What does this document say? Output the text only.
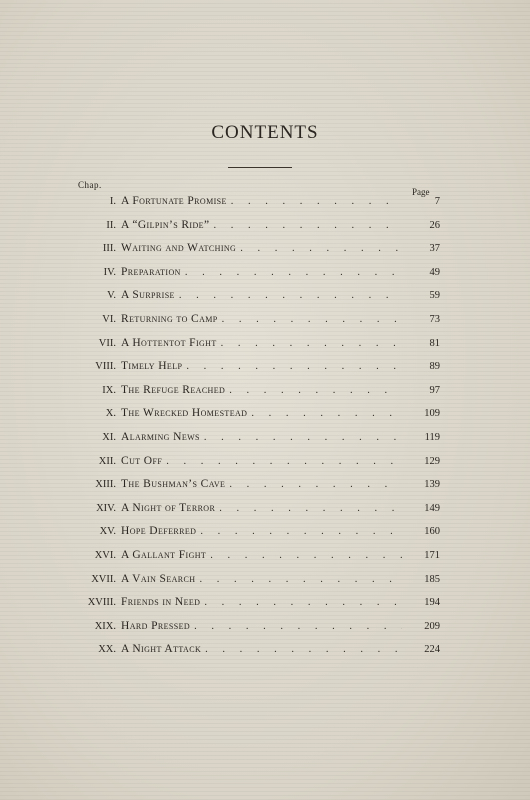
CONTENTS
Chap.
Page
I. A Fortunate Promise . . .	7
II. A “Gilpin’s Ride” . . .	26
III. Waiting and Watching . . .	37
IV. Preparation . . .	49
V. A Surprise . . .	59
VI. Returning to Camp . . .	73
VII. A Hottentot Fight . . .	81
VIII. Timely Help . . .	89
IX. The Refuge Reached . . .	97
X. The Wrecked Homestead . . .	109
XI. Alarming News . . .	119
XII. Cut Off . . .	129
XIII. The Bushman’s Cave . . .	139
XIV. A Night of Terror . . .	149
XV. Hope Deferred . . .	160
XVI. A Gallant Fight . . .	171
XVII. A Vain Search . . .	185
XVIII. Friends in Need . . .	194
XIX. Hard Pressed . . .	209
XX. A Night Attack . . .	224
